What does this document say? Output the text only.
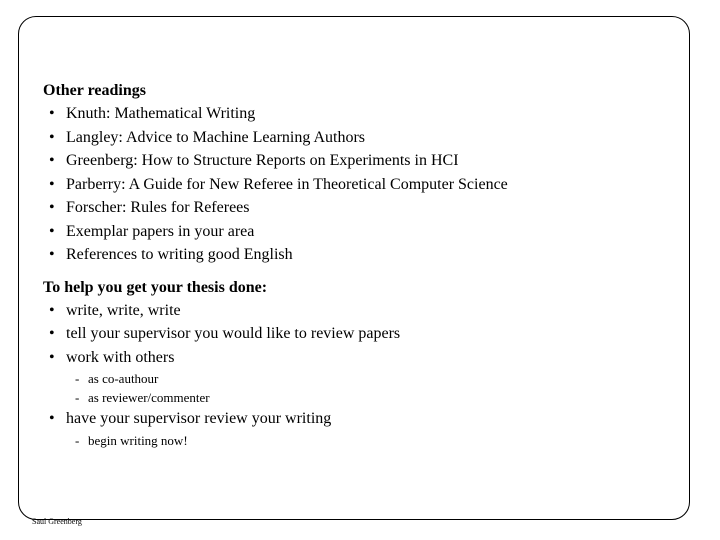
Other readings
• Knuth: Mathematical Writing
• Langley: Advice to Machine Learning Authors
• Greenberg: How to Structure Reports on Experiments in HCI
• Parberry: A Guide for New Referee in Theoretical Computer Science
• Forscher: Rules for Referees
• Exemplar papers in your area
• References to writing good English
To help you get your thesis done:
• write, write, write
• tell your supervisor you would like to review papers
• work with others
- as co-authour
- as reviewer/commenter
• have your supervisor review your writing
- begin writing now!
Saul Greenberg
